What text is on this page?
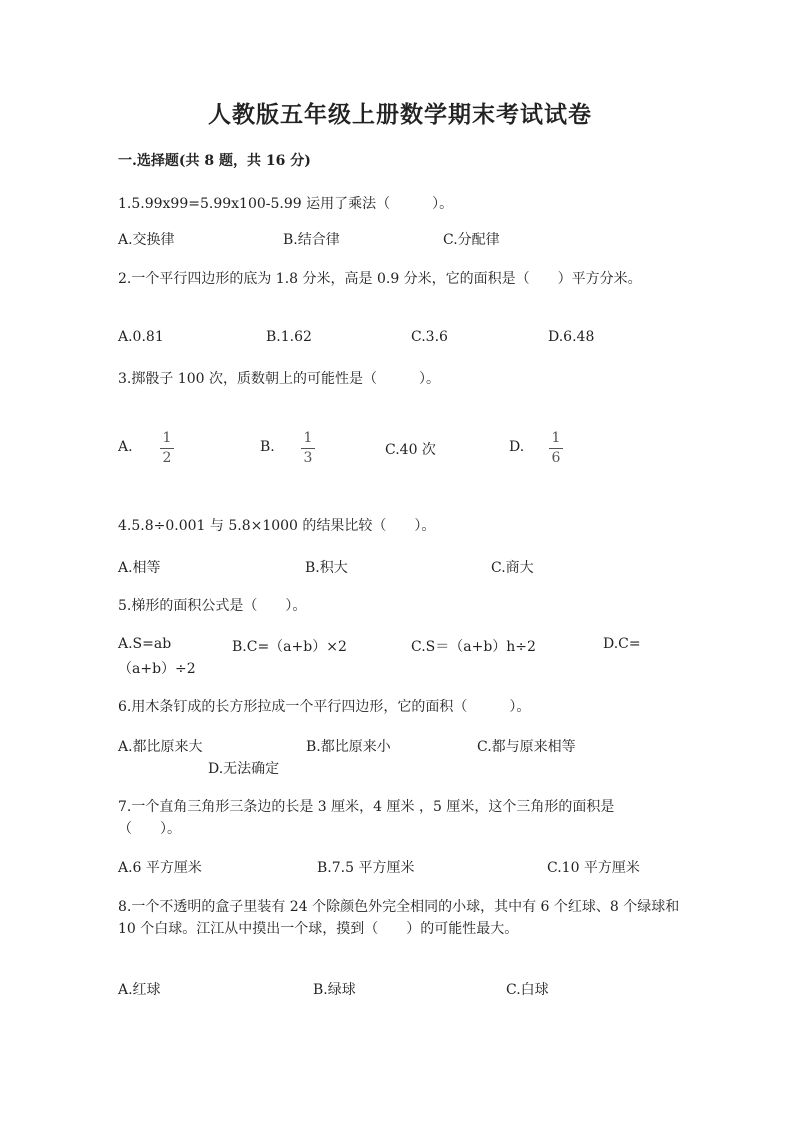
人教版五年级上册数学期末考试试卷
一.选择题(共 8 题，共 16 分)
1.5.99x99=5.99x100-5.99 运用了乘法（　　　）。
A.交换律	B.结合律	C.分配律
2.一个平行四边形的底为 1.8 分米，高是 0.9 分米，它的面积是（　　）平方分米。
A.0.81	B.1.62	C.3.6	D.6.48
3.掷骰子 100 次，质数朝上的可能性是（　　　）。
A.
1
2
B.
1
3	C.40 次	D.
1
6
4.5.8÷0.001 与 5.8×1000 的结果比较（　　）。
A.相等	B.积大	C.商大
5.梯形的面积公式是（　　）。
A.S=ab	B.C=（a+b）×2	C.S＝（a+b）h÷2	D.C=
（a+b）÷2
6.用木条钉成的长方形拉成一个平行四边形，它的面积（　　　）。
A.都比原来大	B.都比原来小	C.都与原来相等
D.无法确定
7.一个直角三角形三条边的长是 3 厘米，4 厘米 ，5 厘米，这个三角形的面积是（　　）。
A.6 平方厘米	B.7.5 平方厘米	C.10 平方厘米
8.一个不透明的盒子里装有 24 个除颜色外完全相同的小球，其中有 6 个红球、8 个绿球和 10 个白球。江江从中摸出一个球，摸到（　　）的可能性最大。
A.红球	B.绿球	C.白球
